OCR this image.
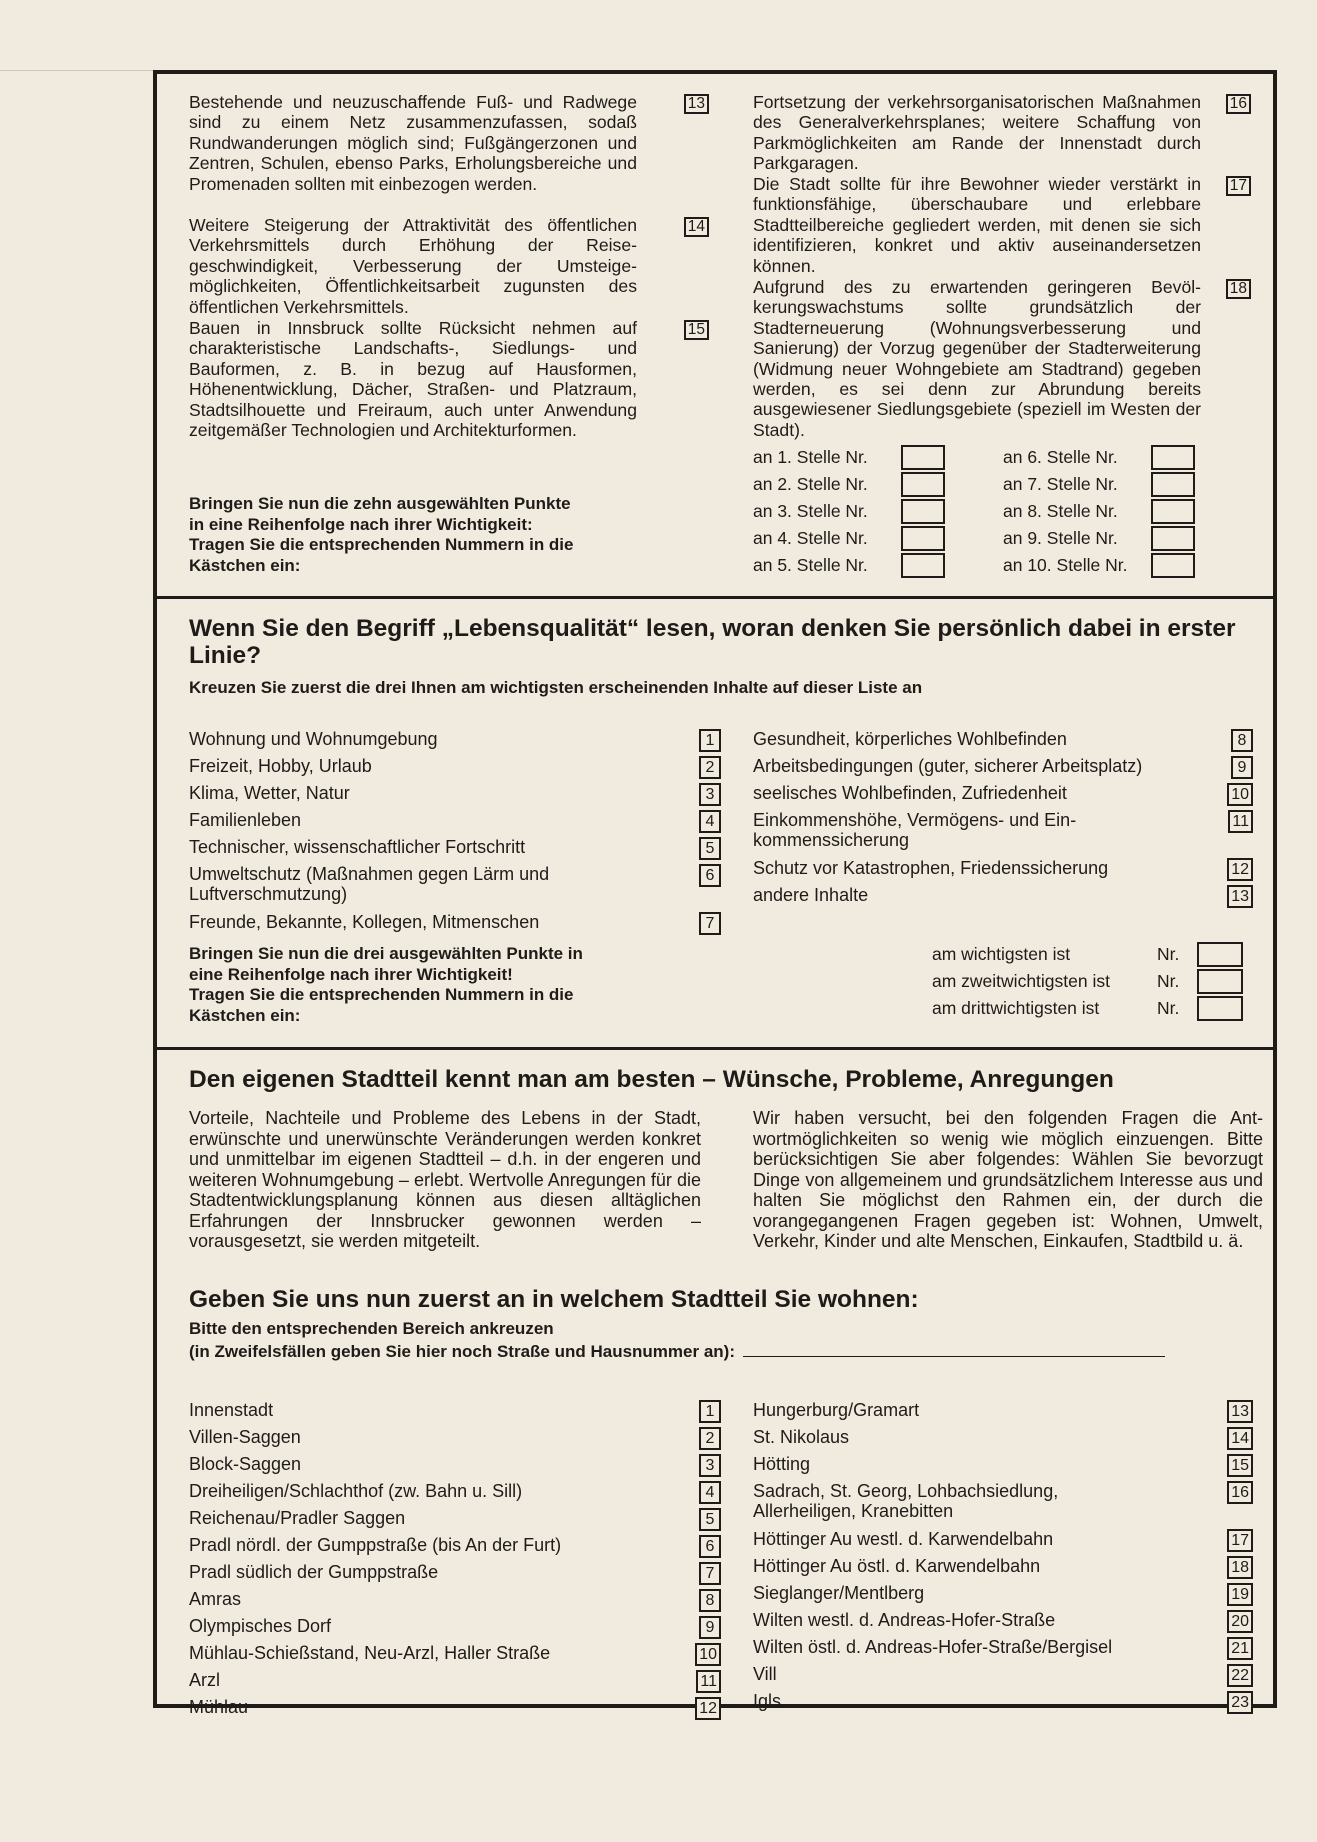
Bestehende und neuzuschaffende Fuß- und Radwege sind zu einem Netz zusammenzufassen, sodaß Rundwanderungen möglich sind; Fußgängerzonen und Zentren, Schulen, ebenso Parks, Erholungsbereiche und Promenaden sollten mit einbezogen werden.
13
Weitere Steigerung der Attraktivität des öffentlichen Verkehrsmittels durch Erhöhung der Reisegeschwindigkeit, Verbesserung der Umsteigemöglichkeiten, Öffentlichkeitsarbeit zugunsten des öffentlichen Verkehrsmittels.
14
Bauen in Innsbruck sollte Rücksicht nehmen auf charakteristische Landschafts-, Siedlungs- und Bauformen, z. B. in bezug auf Hausformen, Höhenentwicklung, Dächer, Straßen- und Platzraum, Stadtsilhouette und Freiraum, auch unter Anwendung zeitgemäßer Technologien und Architekturformen.
15
Bringen Sie nun die zehn ausgewählten Punkte
in eine Reihenfolge nach ihrer Wichtigkeit:
Tragen Sie die entsprechenden Nummern in die
Kästchen ein:
Fortsetzung der verkehrsorganisatorischen Maßnahmen des Generalverkehrsplanes; weitere Schaffung von Parkmöglichkeiten am Rande der Innenstadt durch Parkgaragen.
16
Die Stadt sollte für ihre Bewohner wieder verstärkt in funktionsfähige, überschaubare und erlebbare Stadtteilbereiche gegliedert werden, mit denen sie sich identifizieren, konkret und aktiv auseinandersetzen können.
17
Aufgrund des zu erwartenden geringeren Bevölkerungswachstums sollte grundsätzlich der Stadterneuerung (Wohnungsverbesserung und Sanierung) der Vorzug gegenüber der Stadterweiterung (Widmung neuer Wohngebiete am Stadtrand) gegeben werden, es sei denn zur Abrundung bereits ausgewiesener Siedlungsgebiete (speziell im Westen der Stadt).
18
an 1. Stelle Nr.	an 6. Stelle Nr.
an 2. Stelle Nr.	an 7. Stelle Nr.
an 3. Stelle Nr.	an 8. Stelle Nr.
an 4. Stelle Nr.	an 9. Stelle Nr.
an 5. Stelle Nr.	an 10. Stelle Nr.
Wenn Sie den Begriff „Lebensqualität“ lesen, woran denken Sie persönlich dabei in erster Linie?
Kreuzen Sie zuerst die drei Ihnen am wichtigsten erscheinenden Inhalte auf dieser Liste an
Wohnung und Wohnumgebung	1
Freizeit, Hobby, Urlaub	2
Klima, Wetter, Natur	3
Familienleben	4
Technischer, wissenschaftlicher Fortschritt	5
Umweltschutz (Maßnahmen gegen Lärm und Luftverschmutzung)
6
Freunde, Bekannte, Kollegen, Mitmenschen	7
Bringen Sie nun die drei ausgewählten Punkte in
eine Reihenfolge nach ihrer Wichtigkeit!
Tragen Sie die entsprechenden Nummern in die
Kästchen ein:
Gesundheit, körperliches Wohlbefinden	8
Arbeitsbedingungen (guter, sicherer Arbeitsplatz)	9
seelisches Wohlbefinden, Zufriedenheit	10
Einkommenshöhe, Vermögens- und Einkommenssicherung
11
Schutz vor Katastrophen, Friedenssicherung	12
andere Inhalte	13
am wichtigsten ist	Nr.
am zweitwichtigsten ist	Nr.
am drittwichtigsten ist	Nr.
Den eigenen Stadtteil kennt man am besten – Wünsche, Probleme, Anregungen
Vorteile, Nachteile und Probleme des Lebens in der Stadt, erwünschte und unerwünschte Veränderungen werden konkret und unmittelbar im eigenen Stadtteil – d.h. in der engeren und weiteren Wohnumgebung – erlebt. Wertvolle Anregungen für die Stadtentwicklungsplanung können aus diesen alltäglichen Erfahrungen der Innsbrucker gewonnen werden – vorausgesetzt, sie werden mitgeteilt.
Wir haben versucht, bei den folgenden Fragen die Antwortmöglichkeiten so wenig wie möglich einzuengen. Bitte berücksichtigen Sie aber folgendes: Wählen Sie bevorzugt Dinge von allgemeinem und grundsätzlichem Interesse aus und halten Sie möglichst den Rahmen ein, der durch die vorangegangenen Fragen gegeben ist: Wohnen, Umwelt, Verkehr, Kinder und alte Menschen, Einkaufen, Stadtbild u. ä.
Geben Sie uns nun zuerst an in welchem Stadtteil Sie wohnen:
Bitte den entsprechenden Bereich ankreuzen
(in Zweifelsfällen geben Sie hier noch Straße und Hausnummer an):
Innenstadt	1
Villen-Saggen	2
Block-Saggen	3
Dreiheiligen/Schlachthof (zw. Bahn u. Sill)	4
Reichenau/Pradler Saggen	5
Pradl nördl. der Gumppstraße (bis An der Furt)	6
Pradl südlich der Gumppstraße	7
Amras	8
Olympisches Dorf	9
Mühlau-Schießstand, Neu-Arzl, Haller Straße	10
Arzl	11
Mühlau	12
Hungerburg/Gramart	13
St. Nikolaus	14
Hötting	15
Sadrach, St. Georg, Lohbachsiedlung, Allerheiligen, Kranebitten
16
Höttinger Au westl. d. Karwendelbahn	17
Höttinger Au östl. d. Karwendelbahn	18
Sieglanger/Mentlberg	19
Wilten westl. d. Andreas-Hofer-Straße	20
Wilten östl. d. Andreas-Hofer-Straße/Bergisel	21
Vill	22
Igls	23
